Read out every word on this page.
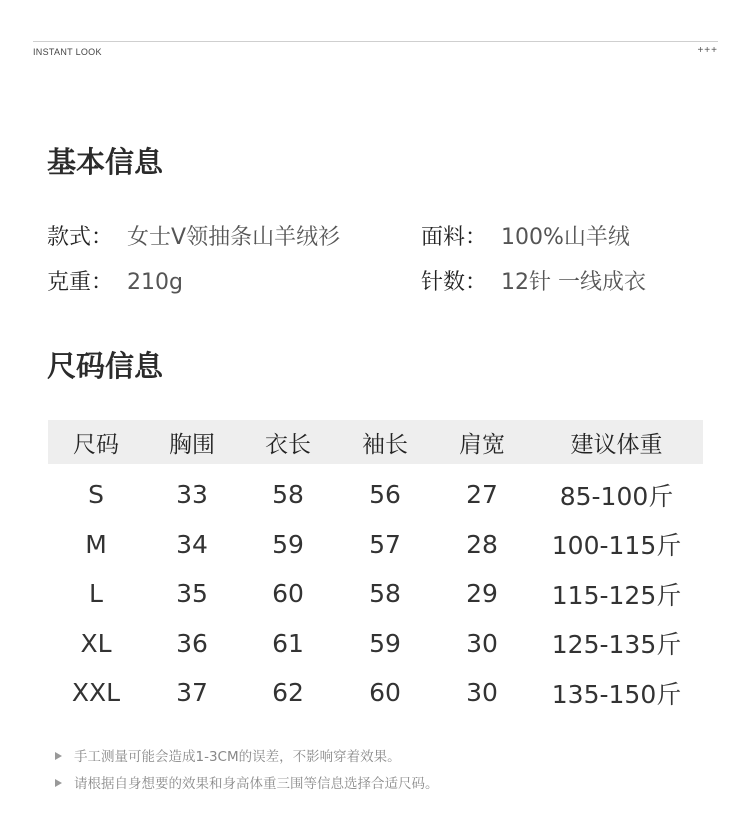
INSTANT LOOK	+++
基本信息
款式： 女士V领抽条山羊绒衫	面料： 100%山羊绒
克重： 210g	针数： 12针 一线成衣
尺码信息
尺码	胸围	衣长	袖长	肩宽	建议体重
S	33	58	56	27	85-100斤
M	34	59	57	28	100-115斤
L	35	60	58	29	115-125斤
XL	36	61	59	30	125-135斤
XXL	37	62	60	30	135-150斤
手工测量可能会造成1-3CM的误差，不影响穿着效果。
请根据自身想要的效果和身高体重三围等信息选择合适尺码。
